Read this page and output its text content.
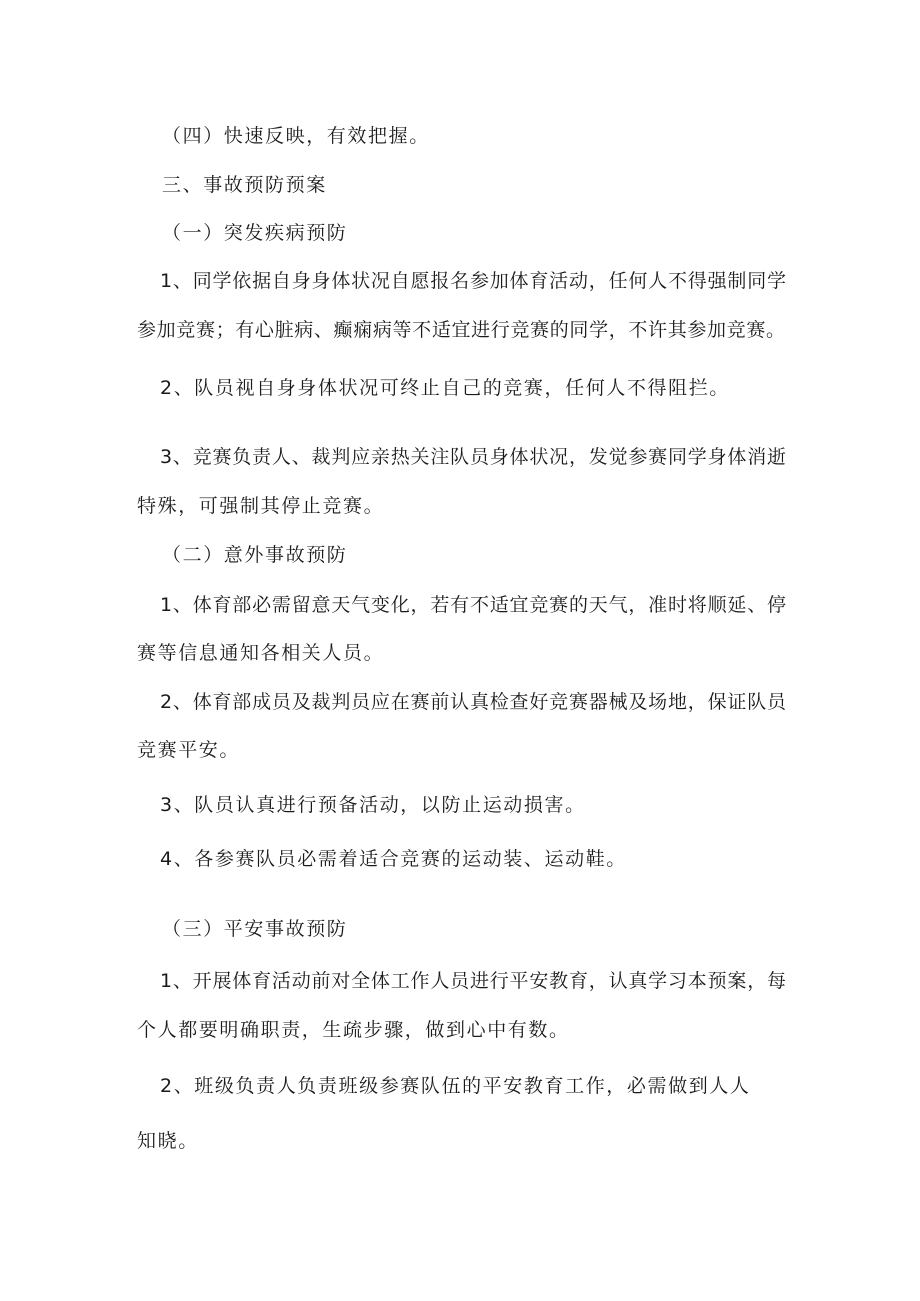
（四）快速反映，有效把握。
三、事故预防预案
（一）突发疾病预防
1、同学依据自身身体状况自愿报名参加体育活动，任何人不得强制同学
参加竞赛；有心脏病、癫痫病等不适宜进行竞赛的同学，不许其参加竞赛。
2、队员视自身身体状况可终止自己的竞赛，任何人不得阻拦。
3、竞赛负责人、裁判应亲热关注队员身体状况，发觉参赛同学身体消逝
特殊，可强制其停止竞赛。
（二）意外事故预防
1、体育部必需留意天气变化，若有不适宜竞赛的天气，准时将顺延、停
赛等信息通知各相关人员。
2、体育部成员及裁判员应在赛前认真检查好竞赛器械及场地，保证队员
竞赛平安。
3、队员认真进行预备活动，以防止运动损害。
4、各参赛队员必需着适合竞赛的运动装、运动鞋。
（三）平安事故预防
1、开展体育活动前对全体工作人员进行平安教育，认真学习本预案，每
个人都要明确职责，生疏步骤，做到心中有数。
2、班级负责人负责班级参赛队伍的平安教育工作，必需做到人人
知晓。
